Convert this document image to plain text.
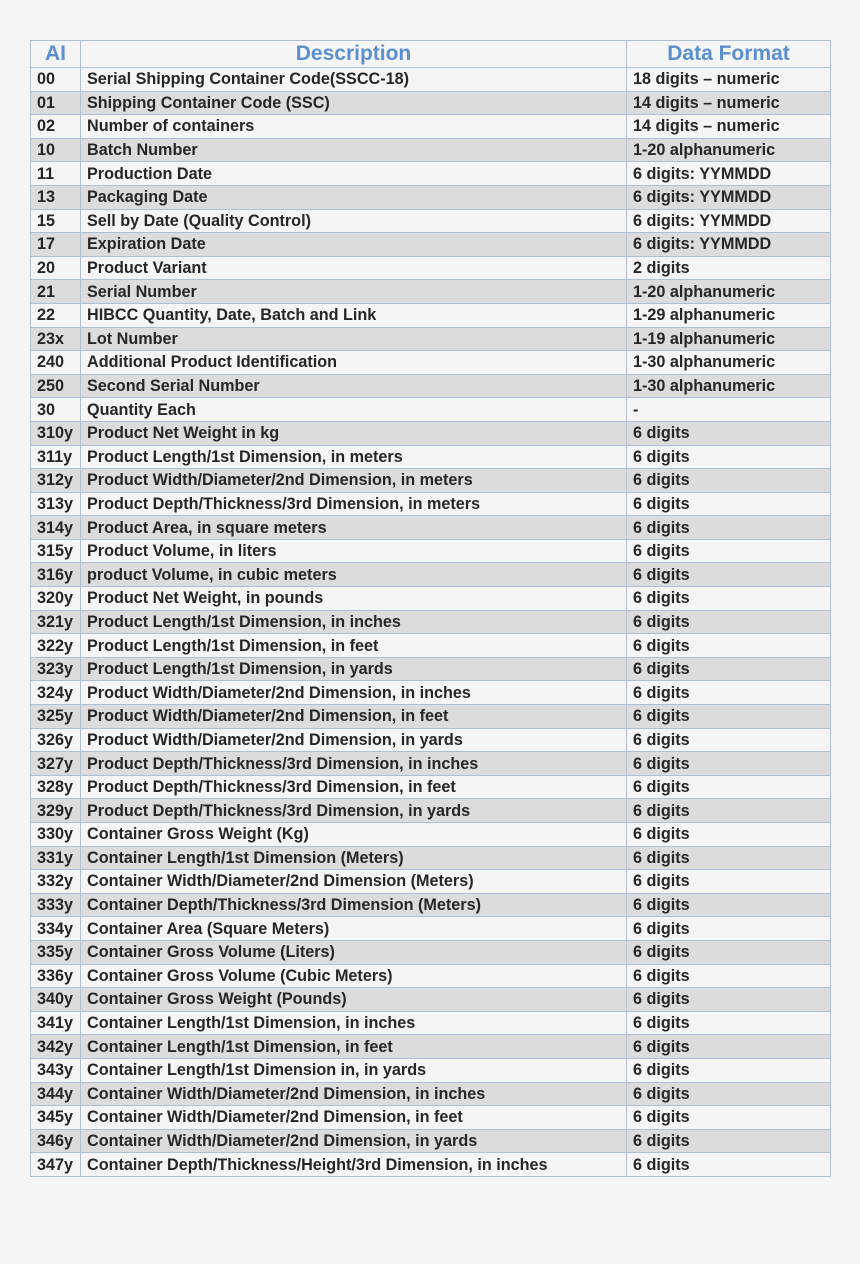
AI	Description	Data Format
00	Serial Shipping Container Code(SSCC-18)	18 digits – numeric
01	Shipping Container Code (SSC)	14 digits – numeric
02	Number of containers	14 digits – numeric
10	Batch Number	1-20 alphanumeric
11	Production Date	6 digits: YYMMDD
13	Packaging Date	6 digits: YYMMDD
15	Sell by Date (Quality Control)	6 digits: YYMMDD
17	Expiration Date	6 digits: YYMMDD
20	Product Variant	2 digits
21	Serial Number	1-20 alphanumeric
22	HIBCC Quantity, Date, Batch and Link	1-29 alphanumeric
23x	Lot Number	1-19 alphanumeric
240	Additional Product Identification	1-30 alphanumeric
250	Second Serial Number	1-30 alphanumeric
30	Quantity Each	-
310y	Product Net Weight in kg	6 digits
311y	Product Length/1st Dimension, in meters	6 digits
312y	Product Width/Diameter/2nd Dimension, in meters	6 digits
313y	Product Depth/Thickness/3rd Dimension, in meters	6 digits
314y	Product Area, in square meters	6 digits
315y	Product Volume, in liters	6 digits
316y	product Volume, in cubic meters	6 digits
320y	Product Net Weight, in pounds	6 digits
321y	Product Length/1st Dimension, in inches	6 digits
322y	Product Length/1st Dimension, in feet	6 digits
323y	Product Length/1st Dimension, in yards	6 digits
324y	Product Width/Diameter/2nd Dimension, in inches	6 digits
325y	Product Width/Diameter/2nd Dimension, in feet	6 digits
326y	Product Width/Diameter/2nd Dimension, in yards	6 digits
327y	Product Depth/Thickness/3rd Dimension, in inches	6 digits
328y	Product Depth/Thickness/3rd Dimension, in feet	6 digits
329y	Product Depth/Thickness/3rd Dimension, in yards	6 digits
330y	Container Gross Weight (Kg)	6 digits
331y	Container Length/1st Dimension (Meters)	6 digits
332y	Container Width/Diameter/2nd Dimension (Meters)	6 digits
333y	Container Depth/Thickness/3rd Dimension (Meters)	6 digits
334y	Container Area (Square Meters)	6 digits
335y	Container Gross Volume (Liters)	6 digits
336y	Container Gross Volume (Cubic Meters)	6 digits
340y	Container Gross Weight (Pounds)	6 digits
341y	Container Length/1st Dimension, in inches	6 digits
342y	Container Length/1st Dimension, in feet	6 digits
343y	Container Length/1st Dimension in, in yards	6 digits
344y	Container Width/Diameter/2nd Dimension, in inches	6 digits
345y	Container Width/Diameter/2nd Dimension, in feet	6 digits
346y	Container Width/Diameter/2nd Dimension, in yards	6 digits
347y	Container Depth/Thickness/Height/3rd Dimension, in inches	6 digits
